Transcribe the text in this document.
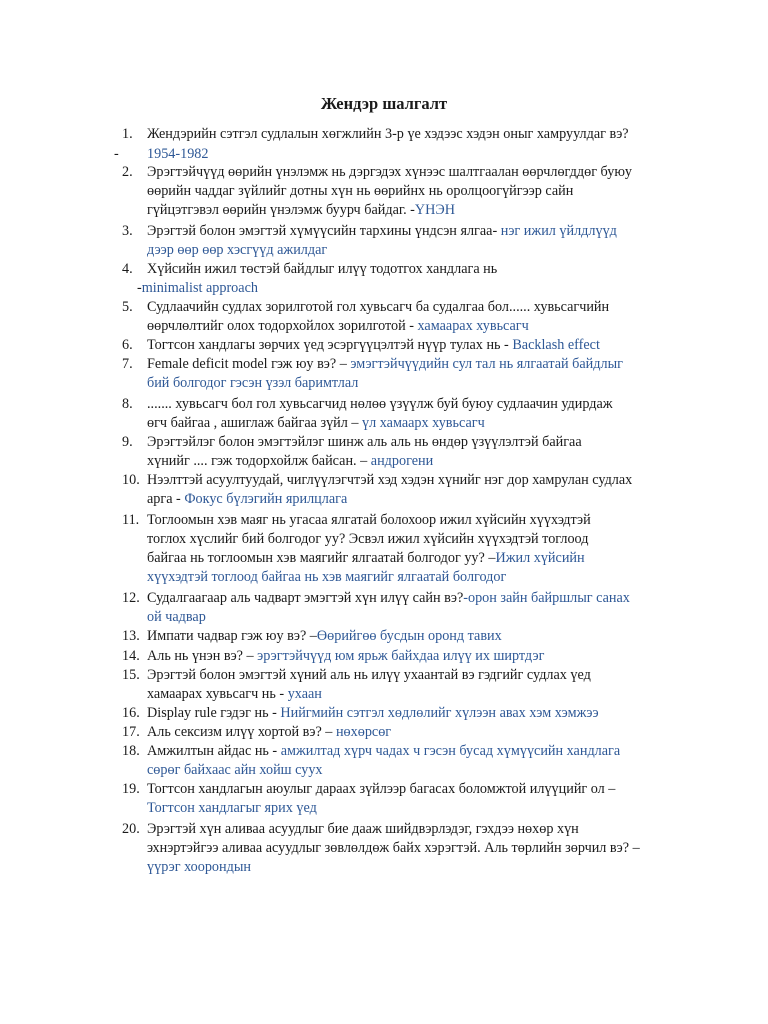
Жендэр шалгалт
1.	Жендэрийн сэтгэл судлалын хөгжлийн 3-р үе хэдээс хэдэн оныг хамруулдаг вэ?
- 1954-1982
2.	Эрэгтэйчүүд өөрийн үнэлэмж нь дэргэдэх хүнээс шалтгаалан өөрчлөгддөг буюу
өөрийн чаддаг зүйлийг дотны хүн нь өөрийнх нь оролцоогүйгээр сайн
гүйцэтгэвэл өөрийн үнэлэмж буурч байдаг. -ҮНЭН
3.	Эрэгтэй болон эмэгтэй хүмүүсийн тархины үндсэн ялгаа- нэг ижил үйлдлүүд
дээр өөр өөр хэсгүүд ажилдаг
4.	Хүйсийн ижил төстэй байдлыг илүү тодотгох хандлага нь
-minimalist approach
5.	Судлаачийн судлах зорилготой гол хувьсагч ба судалгаа бол...... хувьсагчийн
өөрчлөлтийг олох тодорхойлох зорилготой - хамаарах хувьсагч
6.	Тогтсон хандлагы зөрчих үед эсэргүүцэлтэй нүүр тулах нь - Backlash effect
7.	Female deficit model гэж юу вэ? – эмэгтэйчүүдийн сул тал нь ялгаатай байдлыг
бий болгодог гэсэн үзэл баримтлал
8.	....... хувьсагч бол гол хувьсагчид нөлөө үзүүлж буй буюу судлаачин удирдаж
өгч байгаа , ашиглаж байгаа зүйл – үл хамаарх хувьсагч
9.	Эрэгтэйлэг болон эмэгтэйлэг шинж аль аль нь өндөр үзүүлэлтэй байгаа
хүнийг .... гэж тодорхойлж байсан. – андрогени
10. Нээлттэй асуултуудай, чиглүүлэгчтэй хэд хэдэн хүнийг нэг дор хамрулан судлах
арга - Фокус бүлэгийн ярилцлага
11. Тоглоомын хэв маяг нь угасаа ялгатай болохоор ижил хүйсийн хүүхэдтэй
тоглох хүслийг бий болгодог уу? Эсвэл ижил хүйсийн хүүхэдтэй тоглоод
байгаа нь тоглоомын хэв маягийг ялгаатай болгодог уу? –Ижил хүйсийн
хүүхэдтэй тоглоод байгаа нь хэв маягийг ялгаатай болгодог
12. Судалгаагаар аль чадварт эмэгтэй хүн илүү сайн вэ?-орон зайн байршлыг санах
ой чадвар
13. Импати чадвар гэж юу вэ? –Өөрийгөө бусдын оронд тавих
14. Аль нь үнэн вэ? – эрэгтэйчүүд юм ярьж байхдаа илүү их ширтдэг
15. Эрэгтэй болон эмэгтэй хүний аль нь илүү ухаантай вэ гэдгийг судлах үед
хамаарах хувьсагч нь - ухаан
16. Display rule гэдэг нь - Нийгмийн сэтгэл хөдлөлийг хүлээн авах хэм хэмжээ
17. Аль сексизм илүү хортой вэ? – нөхөрсөг
18. Амжилтын айдас нь - амжилтад хүрч чадах ч гэсэн бусад хүмүүсийн хандлага
сөрөг байхаас айн хойш суух
19. Тогтсон хандлагын аюулыг дараах зүйлээр багасах боломжтой илүүцийг ол –
Тогтсон хандлагыг ярих үед
20. Эрэгтэй хүн аливаа асуудлыг бие дааж шийдвэрлэдэг, гэхдээ нөхөр хүн
эхнэртэйгээ аливаа асуудлыг зөвлөлдөж байх хэрэгтэй. Аль төрлийн зөрчил вэ? –
үүрэг хоорондын
